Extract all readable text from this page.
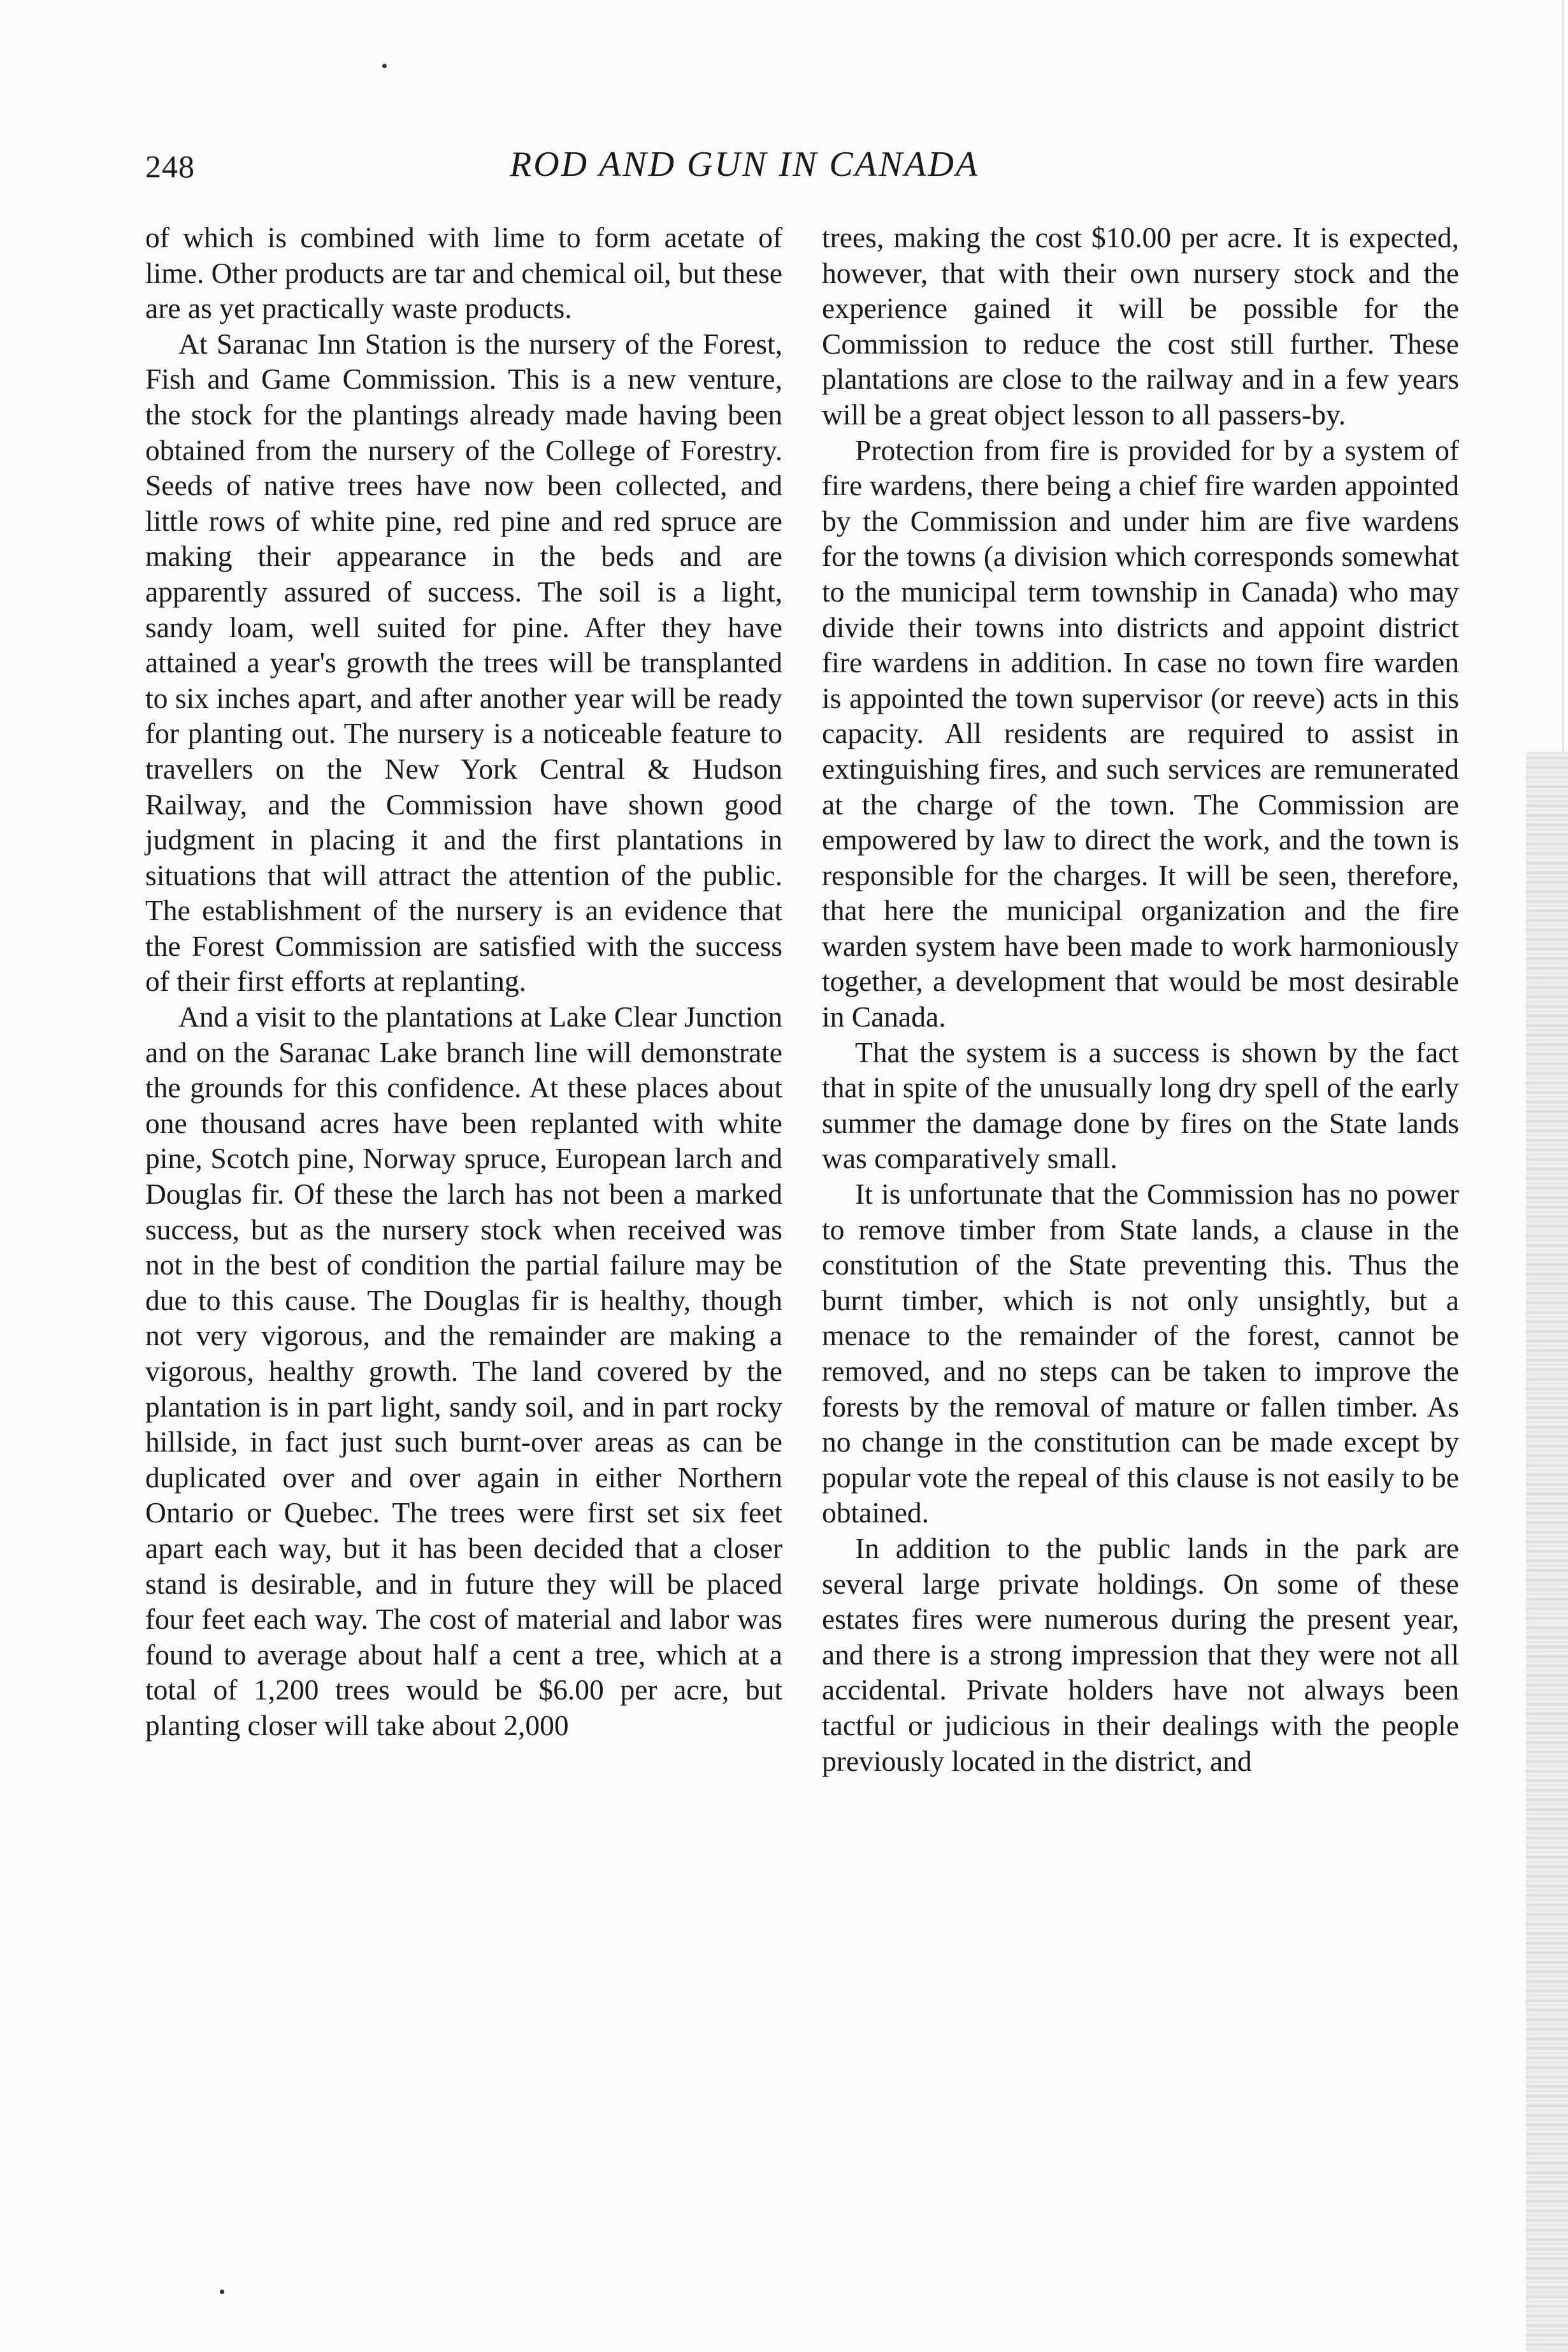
248	ROD AND GUN IN CANADA

of which is combined with lime to form acetate of lime. Other products are tar and chemical oil, but these are as yet practically waste products.

At Saranac Inn Station is the nursery of the Forest, Fish and Game Commission. This is a new venture, the stock for the plantings already made having been obtained from the nursery of the College of Forestry. Seeds of native trees have now been collected, and little rows of white pine, red pine and red spruce are making their appearance in the beds and are apparently assured of success. The soil is a light, sandy loam, well suited for pine. After they have attained a year's growth the trees will be transplanted to six inches apart, and after another year will be ready for planting out. The nursery is a noticeable feature to travellers on the New York Central & Hudson Railway, and the Commission have shown good judgment in placing it and the first plantations in situations that will attract the attention of the public. The establishment of the nursery is an evidence that the Forest Commission are satisfied with the success of their first efforts at replanting.

And a visit to the plantations at Lake Clear Junction and on the Saranac Lake branch line will demonstrate the grounds for this confidence. At these places about one thousand acres have been replanted with white pine, Scotch pine, Norway spruce, European larch and Douglas fir. Of these the larch has not been a marked success, but as the nursery stock when received was not in the best of condition the partial failure may be due to this cause. The Douglas fir is healthy, though not very vigorous, and the remainder are making a vigorous, healthy growth. The land covered by the plantation is in part light, sandy soil, and in part rocky hillside, in fact just such burnt-over areas as can be duplicated over and over again in either Northern Ontario or Quebec. The trees were first set six feet apart each way, but it has been decided that a closer stand is desirable, and in future they will be placed four feet each way. The cost of material and labor was found to average about half a cent a tree, which at a total of 1,200 trees would be $6.00 per acre, but planting closer will take about 2,000

trees, making the cost $10.00 per acre. It is expected, however, that with their own nursery stock and the experience gained it will be possible for the Commission to reduce the cost still further. These plantations are close to the railway and in a few years will be a great object lesson to all passers-by.

Protection from fire is provided for by a system of fire wardens, there being a chief fire warden appointed by the Commission and under him are five wardens for the towns (a division which corresponds somewhat to the municipal term township in Canada) who may divide their towns into districts and appoint district fire wardens in addition. In case no town fire warden is appointed the town supervisor (or reeve) acts in this capacity. All residents are required to assist in extinguishing fires, and such services are remunerated at the charge of the town. The Commission are empowered by law to direct the work, and the town is responsible for the charges. It will be seen, therefore, that here the municipal organization and the fire warden system have been made to work harmoniously together, a development that would be most desirable in Canada.

That the system is a success is shown by the fact that in spite of the unusually long dry spell of the early summer the damage done by fires on the State lands was comparatively small.

It is unfortunate that the Commission has no power to remove timber from State lands, a clause in the constitution of the State preventing this. Thus the burnt timber, which is not only unsightly, but a menace to the remainder of the forest, cannot be removed, and no steps can be taken to improve the forests by the removal of mature or fallen timber. As no change in the constitution can be made except by popular vote the repeal of this clause is not easily to be obtained.

In addition to the public lands in the park are several large private holdings. On some of these estates fires were numerous during the present year, and there is a strong impression that they were not all accidental. Private holders have not always been tactful or judicious in their dealings with the people previously located in the district, and
